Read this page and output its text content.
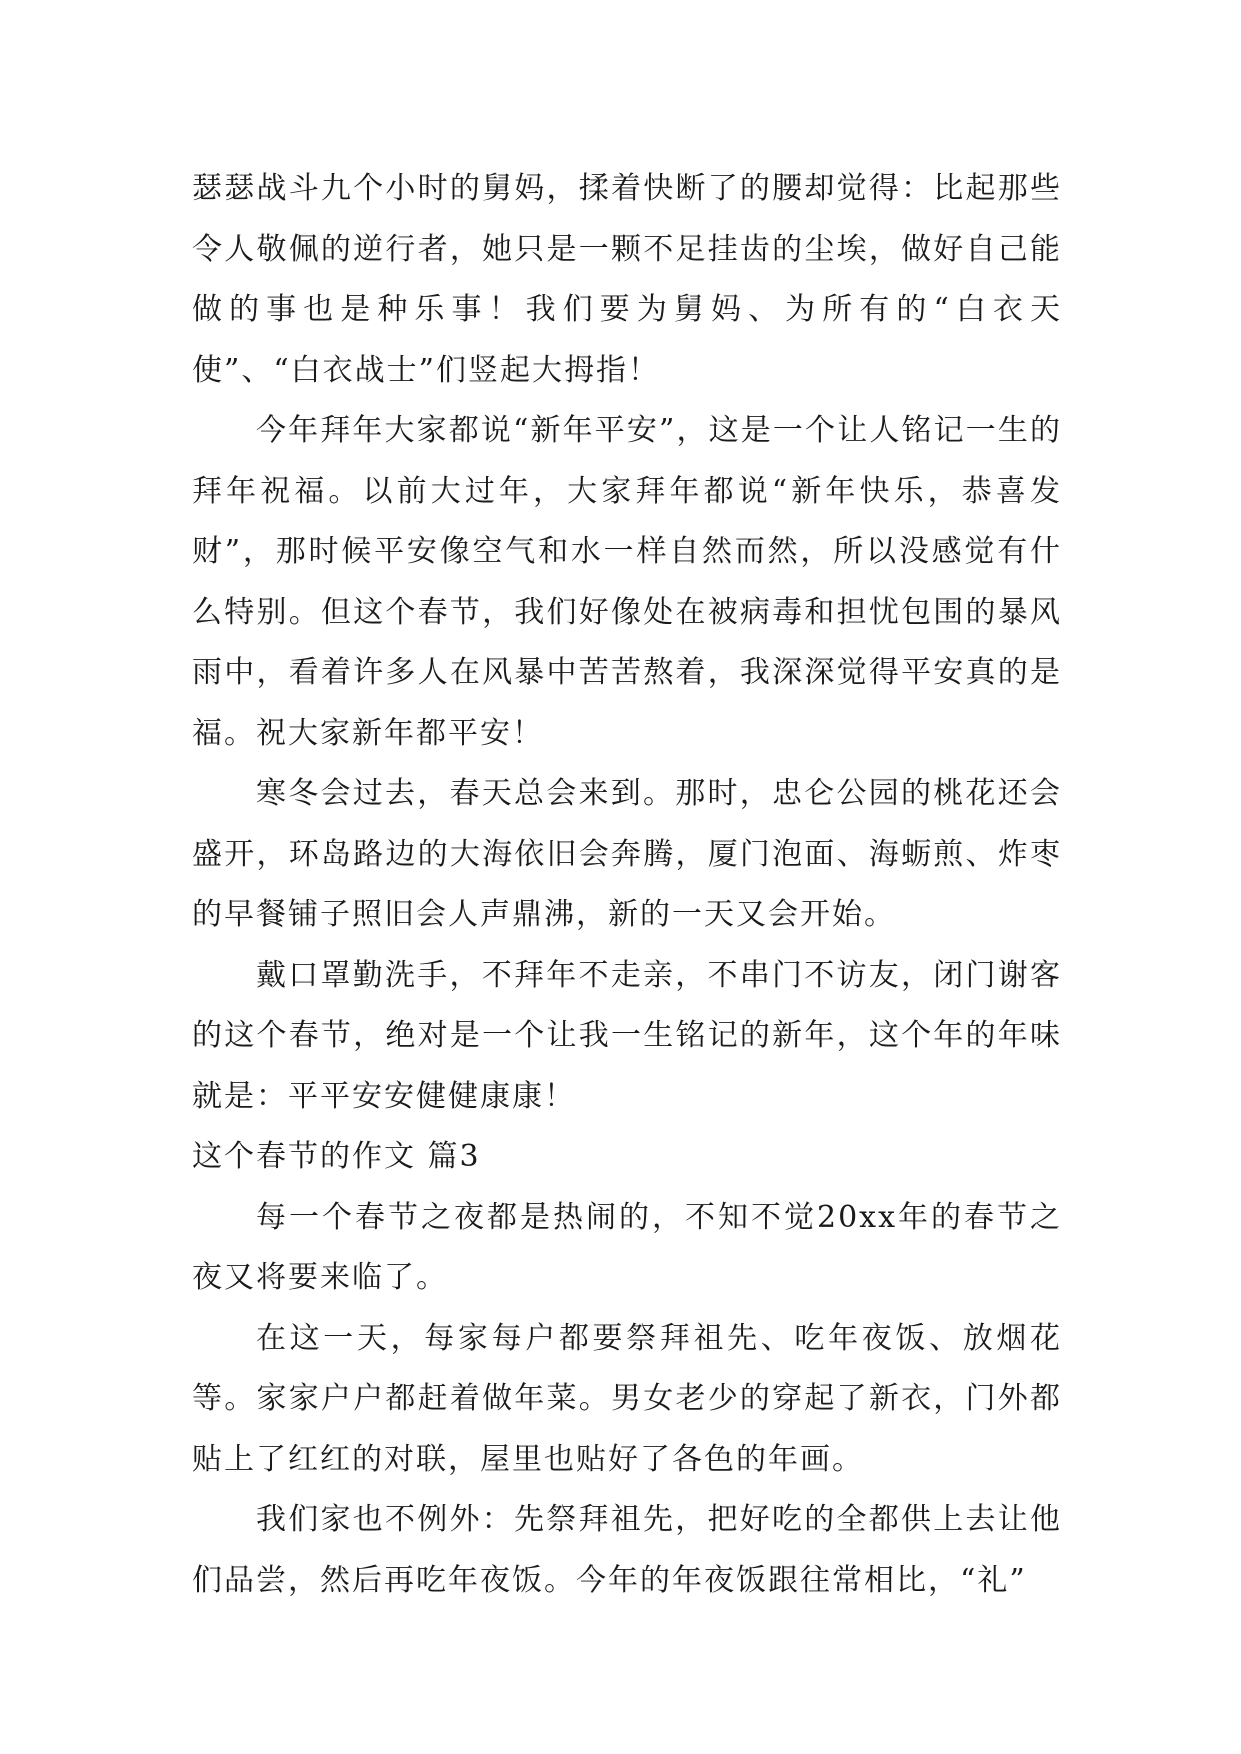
瑟瑟战斗九个小时的舅妈，揉着快断了的腰却觉得：比起那些令人敬佩的逆行者，她只是一颗不足挂齿的尘埃，做好自己能做的事也是种乐事！我们要为舅妈、为所有的“白衣天使”、“白衣战士”们竖起大拇指！

今年拜年大家都说“新年平安”，这是一个让人铭记一生的拜年祝福。以前大过年，大家拜年都说“新年快乐，恭喜发财”，那时候平安像空气和水一样自然而然，所以没感觉有什么特别。但这个春节，我们好像处在被病毒和担忧包围的暴风雨中，看着许多人在风暴中苦苦熬着，我深深觉得平安真的是福。祝大家新年都平安！

寒冬会过去，春天总会来到。那时，忠仑公园的桃花还会盛开，环岛路边的大海依旧会奔腾，厦门泡面、海蛎煎、炸枣的早餐铺子照旧会人声鼎沸，新的一天又会开始。

戴口罩勤洗手，不拜年不走亲，不串门不访友，闭门谢客的这个春节，绝对是一个让我一生铭记的新年，这个年的年味就是：平平安安健健康康！

这个春节的作文 篇3

每一个春节之夜都是热闹的，不知不觉20xx年的春节之夜又将要来临了。

在这一天，每家每户都要祭拜祖先、吃年夜饭、放烟花等。家家户户都赶着做年菜。男女老少的穿起了新衣，门外都贴上了红红的对联，屋里也贴好了各色的年画。

我们家也不例外：先祭拜祖先，把好吃的全都供上去让他们品尝，然后再吃年夜饭。今年的年夜饭跟往常相比，“礼”
